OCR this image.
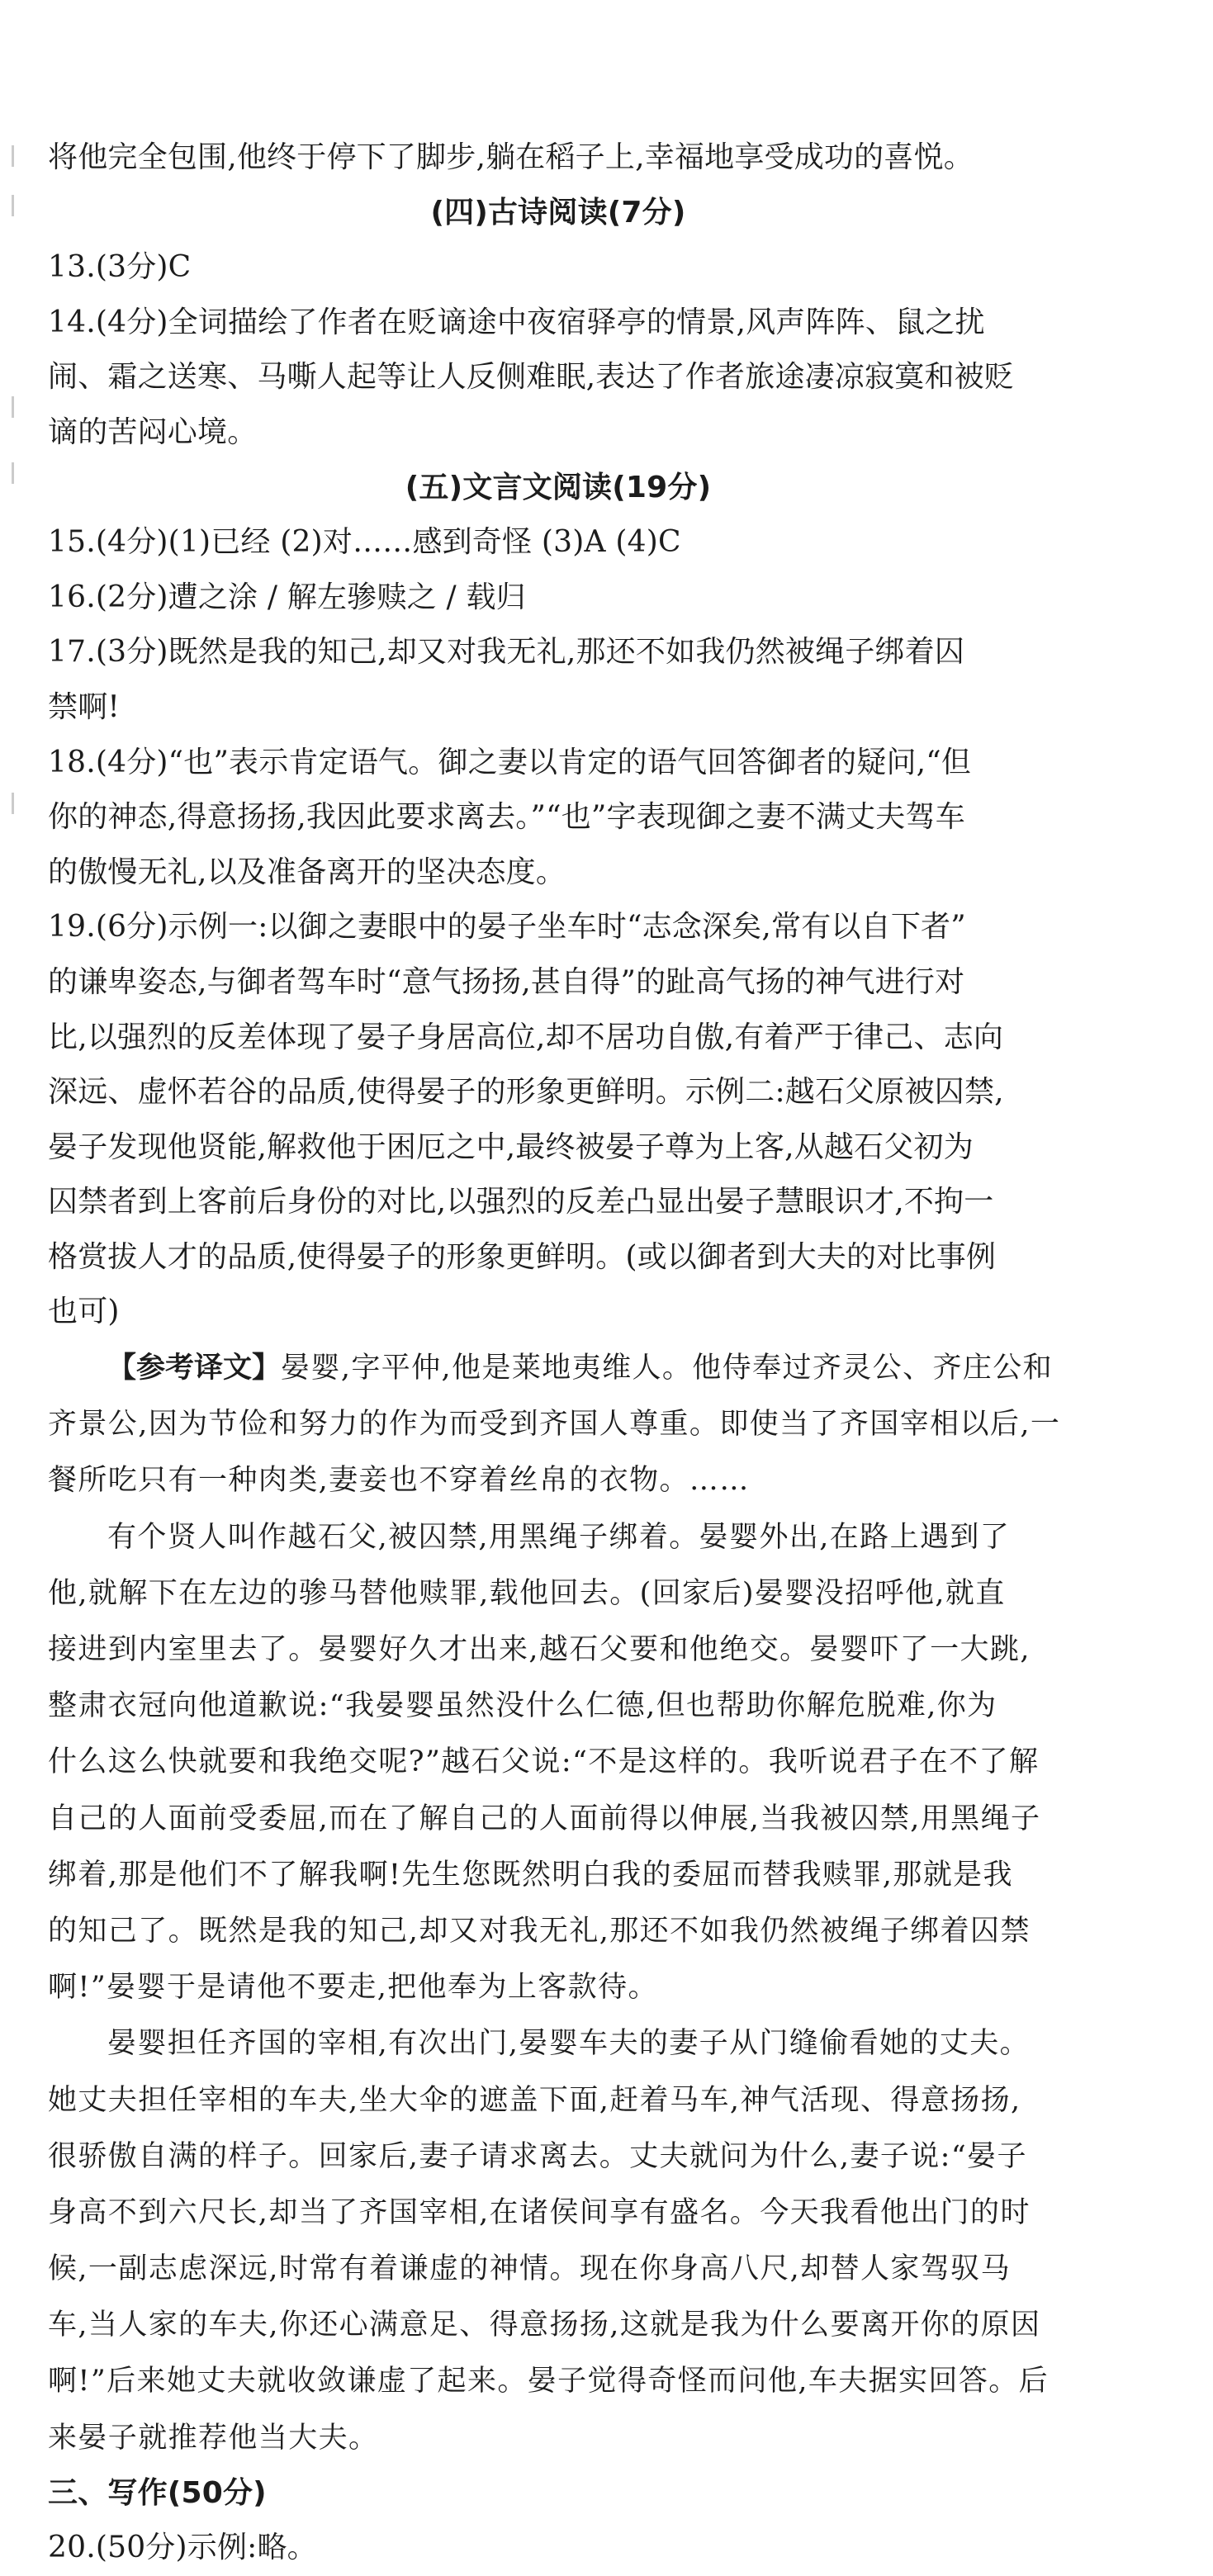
将他完全包围,他终于停下了脚步,躺在稻子上,幸福地享受成功的喜悦。
(四)古诗阅读(7分)
13.(3分)C
14.(4分)全词描绘了作者在贬谪途中夜宿驿亭的情景,风声阵阵、鼠之扰
闹、霜之送寒、马嘶人起等让人反侧难眠,表达了作者旅途凄凉寂寞和被贬
谪的苦闷心境。
(五)文言文阅读(19分)
15.(4分)(1)已经 (2)对……感到奇怪 (3)A (4)C
16.(2分)遭之涂 / 解左骖赎之 / 载归
17.(3分)既然是我的知己,却又对我无礼,那还不如我仍然被绳子绑着囚
禁啊!
18.(4分)“也”表示肯定语气。御之妻以肯定的语气回答御者的疑问,“但
你的神态,得意扬扬,我因此要求离去。”“也”字表现御之妻不满丈夫驾车
的傲慢无礼,以及准备离开的坚决态度。
19.(6分)示例一:以御之妻眼中的晏子坐车时“志念深矣,常有以自下者”
的谦卑姿态,与御者驾车时“意气扬扬,甚自得”的趾高气扬的神气进行对
比,以强烈的反差体现了晏子身居高位,却不居功自傲,有着严于律己、志向
深远、虚怀若谷的品质,使得晏子的形象更鲜明。示例二:越石父原被囚禁,
晏子发现他贤能,解救他于困厄之中,最终被晏子尊为上客,从越石父初为
囚禁者到上客前后身份的对比,以强烈的反差凸显出晏子慧眼识才,不拘一
格赏拔人才的品质,使得晏子的形象更鲜明。(或以御者到大夫的对比事例
也可)
【参考译文】晏婴,字平仲,他是莱地夷维人。他侍奉过齐灵公、齐庄公和
齐景公,因为节俭和努力的作为而受到齐国人尊重。即使当了齐国宰相以后,一
餐所吃只有一种肉类,妻妾也不穿着丝帛的衣物。……
有个贤人叫作越石父,被囚禁,用黑绳子绑着。晏婴外出,在路上遇到了
他,就解下在左边的骖马替他赎罪,载他回去。(回家后)晏婴没招呼他,就直
接进到内室里去了。晏婴好久才出来,越石父要和他绝交。晏婴吓了一大跳,
整肃衣冠向他道歉说:“我晏婴虽然没什么仁德,但也帮助你解危脱难,你为
什么这么快就要和我绝交呢?”越石父说:“不是这样的。我听说君子在不了解
自己的人面前受委屈,而在了解自己的人面前得以伸展,当我被囚禁,用黑绳子
绑着,那是他们不了解我啊!先生您既然明白我的委屈而替我赎罪,那就是我
的知己了。既然是我的知己,却又对我无礼,那还不如我仍然被绳子绑着囚禁
啊!”晏婴于是请他不要走,把他奉为上客款待。
晏婴担任齐国的宰相,有次出门,晏婴车夫的妻子从门缝偷看她的丈夫。
她丈夫担任宰相的车夫,坐大伞的遮盖下面,赶着马车,神气活现、得意扬扬,
很骄傲自满的样子。回家后,妻子请求离去。丈夫就问为什么,妻子说:“晏子
身高不到六尺长,却当了齐国宰相,在诸侯间享有盛名。今天我看他出门的时
候,一副志虑深远,时常有着谦虚的神情。现在你身高八尺,却替人家驾驭马
车,当人家的车夫,你还心满意足、得意扬扬,这就是我为什么要离开你的原因
啊!”后来她丈夫就收敛谦虚了起来。晏子觉得奇怪而问他,车夫据实回答。后
来晏子就推荐他当大夫。
三、写作(50分)
20.(50分)示例:略。
